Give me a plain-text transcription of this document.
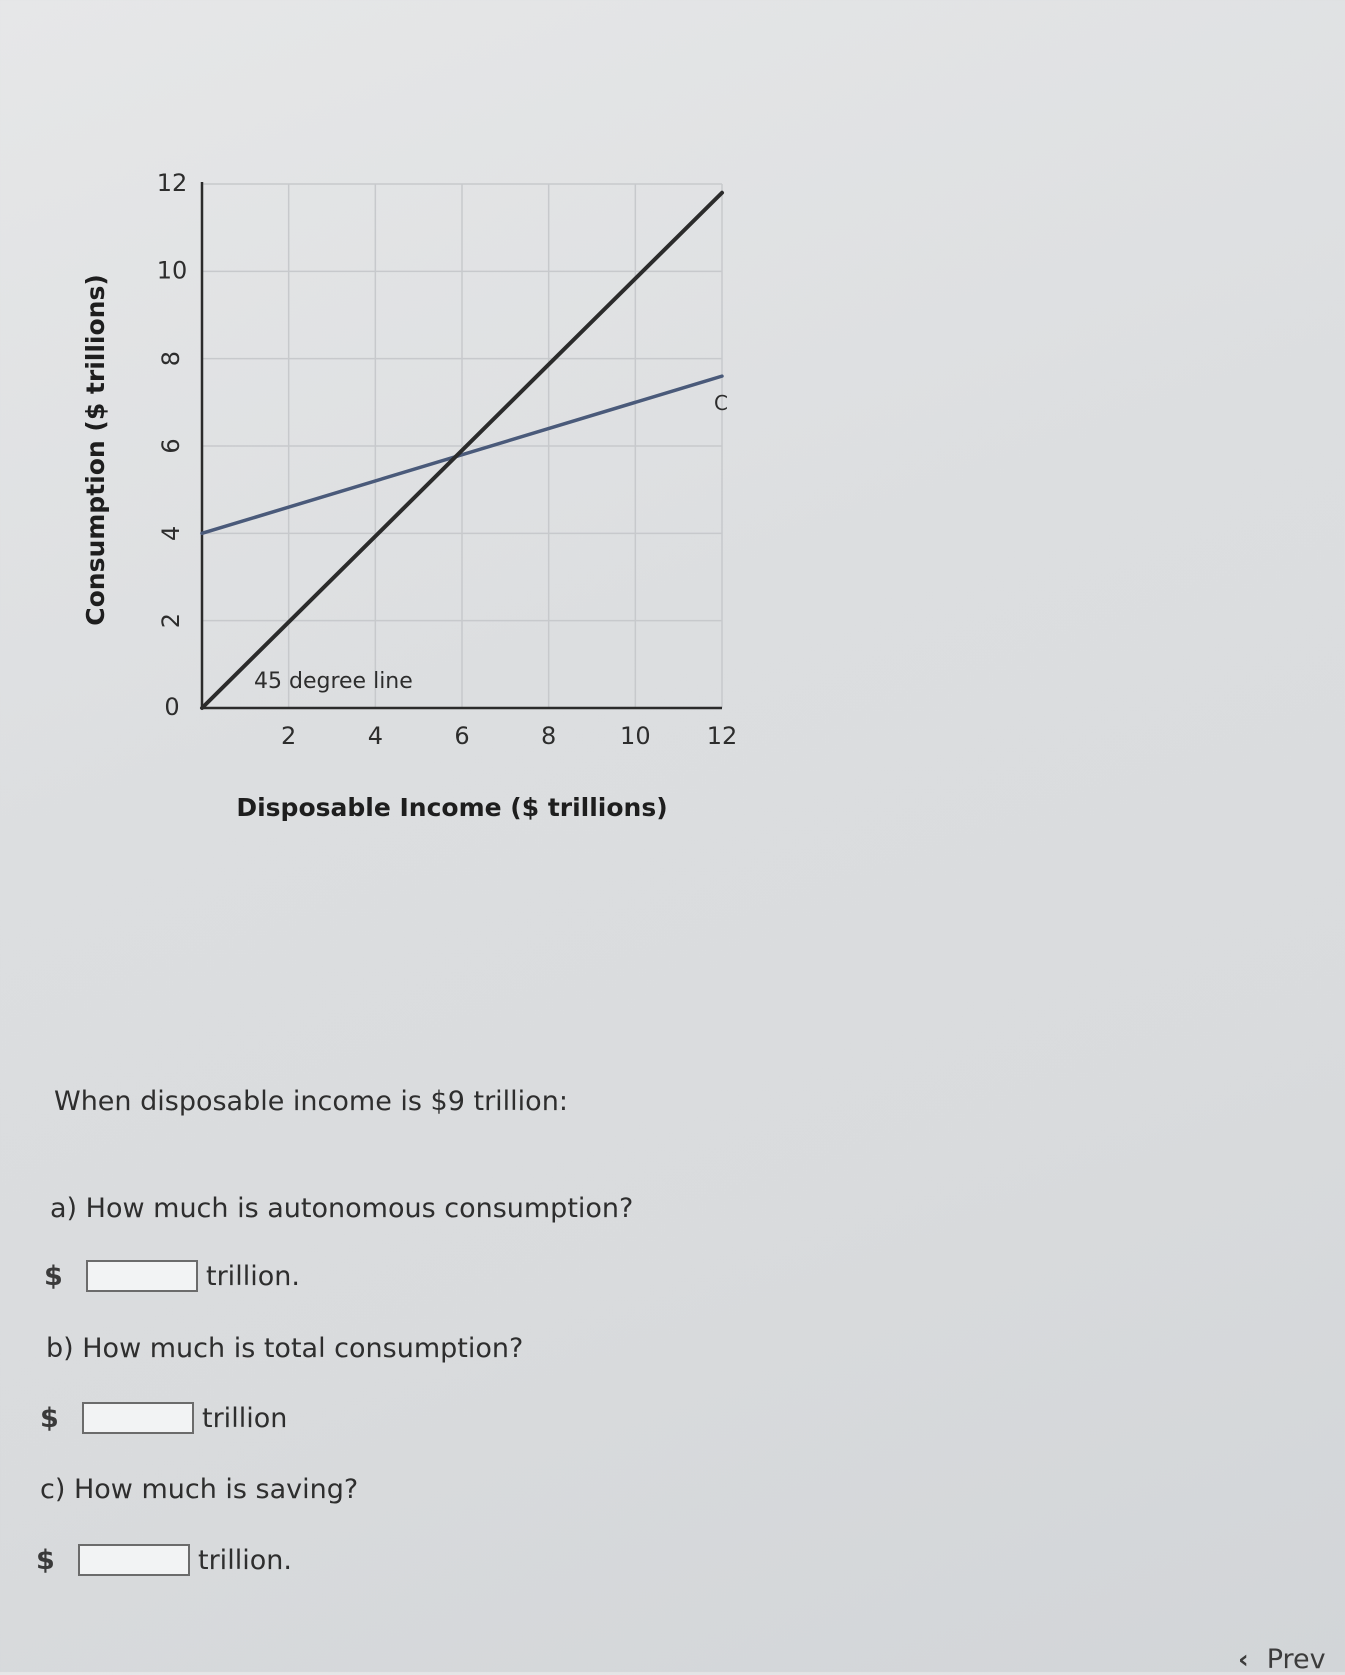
0
2
4
6
8
10
12
2	4	6	8	10 12
Disposable Income ($ trillions)
Consumption ($ trillions)
45 degree line
C
When disposable income is $9 trillion:
a) How much is autonomous consumption?
$	trillion.
b) How much is total consumption?
$	trillion
c) How much is saving?
$	trillion.
‹ Prev
